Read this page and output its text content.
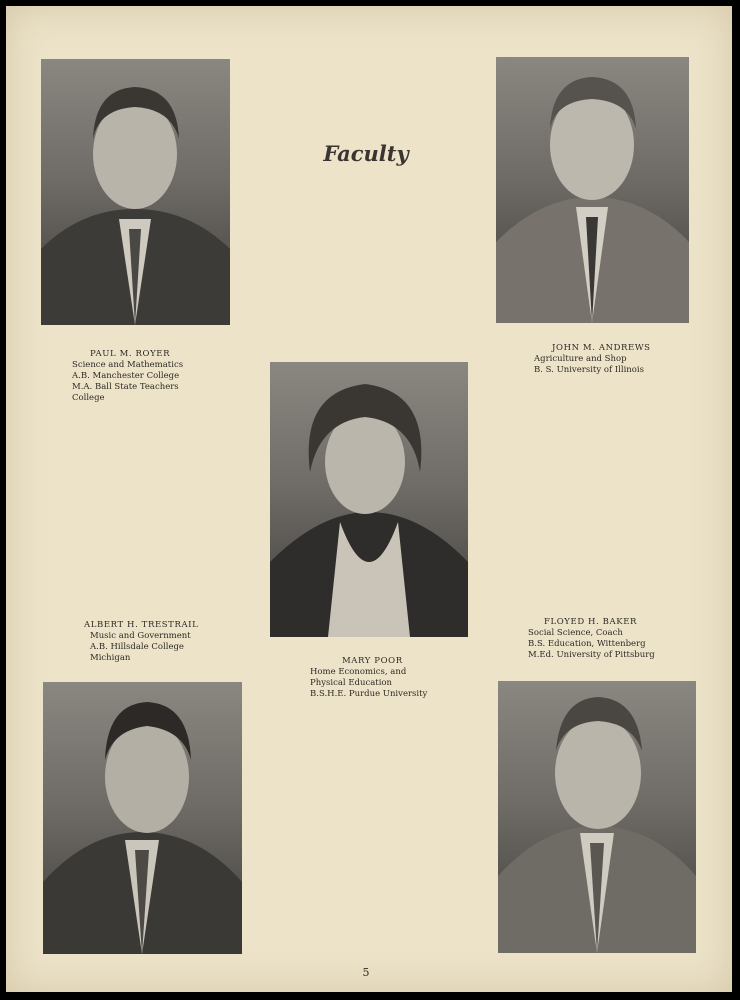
Faculty
PAUL M. ROYER
Science and Mathematics
A.B. Manchester College
M.A. Ball State Teachers
College
JOHN M. ANDREWS
Agriculture and Shop
B. S. University of Illinois
MARY POOR
Home Economics, and
Physical Education
B.S.H.E. Purdue University
ALBERT H. TRESTRAIL
Music and Government
A.B. Hillsdale College
Michigan
FLOYED H. BAKER
Social Science, Coach
B.S. Education, Wittenberg
M.Ed. University of Pittsburg
5
